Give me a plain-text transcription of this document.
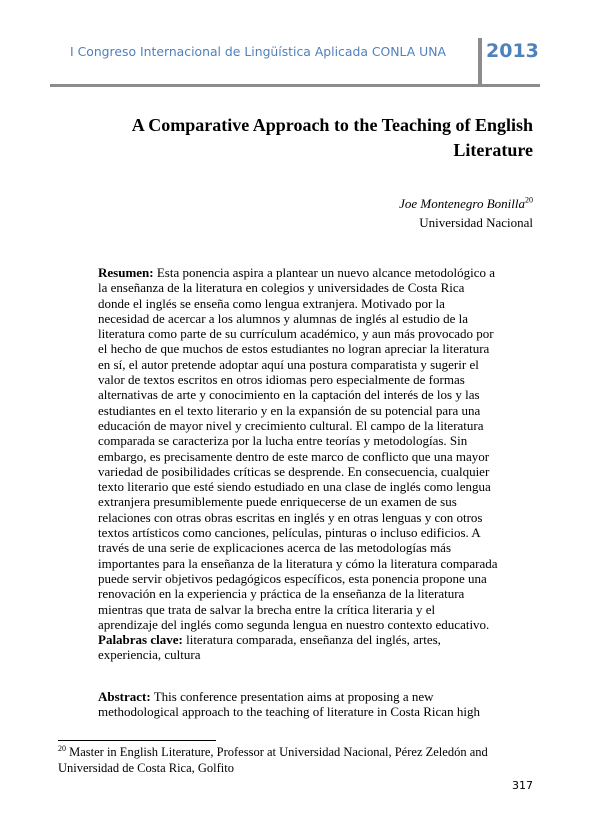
I Congreso Internacional de Lingüística Aplicada CONLA UNA 2013
A Comparative Approach to the Teaching of English Literature
Joe Montenegro Bonilla$^{20}$
Universidad Nacional

Resumen: Esta ponencia aspira a plantear un nuevo alcance metodológico a la enseñanza de la literatura en colegios y universidades de Costa Rica donde el inglés se enseña como lengua extranjera. Motivado por la necesidad de acercar a los alumnos y alumnas de inglés al estudio de la literatura como parte de su currículum académico, y aun más provocado por el hecho de que muchos de estos estudiantes no logran apreciar la literatura en sí, el autor pretende adoptar aquí una postura comparatista y sugerir el valor de textos escritos en otros idiomas pero especialmente de formas alternativas de arte y conocimiento en la captación del interés de los y las estudiantes en el texto literario y en la expansión de su potencial para una educación de mayor nivel y crecimiento cultural. El campo de la literatura comparada se caracteriza por la lucha entre teorías y metodologías. Sin embargo, es precisamente dentro de este marco de conflicto que una mayor variedad de posibilidades críticas se desprende. En consecuencia, cualquier texto literario que esté siendo estudiado en una clase de inglés como lengua extranjera presumiblemente puede enriquecerse de un examen de sus relaciones con otras obras escritas en inglés y en otras lenguas y con otros textos artísticos como canciones, películas, pinturas o incluso edificios. A través de una serie de explicaciones acerca de las metodologías más importantes para la enseñanza de la literatura y cómo la literatura comparada puede servir objetivos pedagógicos específicos, esta ponencia propone una renovación en la experiencia y práctica de la enseñanza de la literatura mientras que trata de salvar la brecha entre la crítica literaria y el aprendizaje del inglés como segunda lengua en nuestro contexto educativo.

Palabras clave: literatura comparada, enseñanza del inglés, artes, experiencia, cultura

Abstract: This conference presentation aims at proposing a new methodological approach to the teaching of literature in Costa Rican high

$^{20}$ Master in English Literature, Professor at Universidad Nacional, Pérez Zeledón and Universidad de Costa Rica, Golfito
317
